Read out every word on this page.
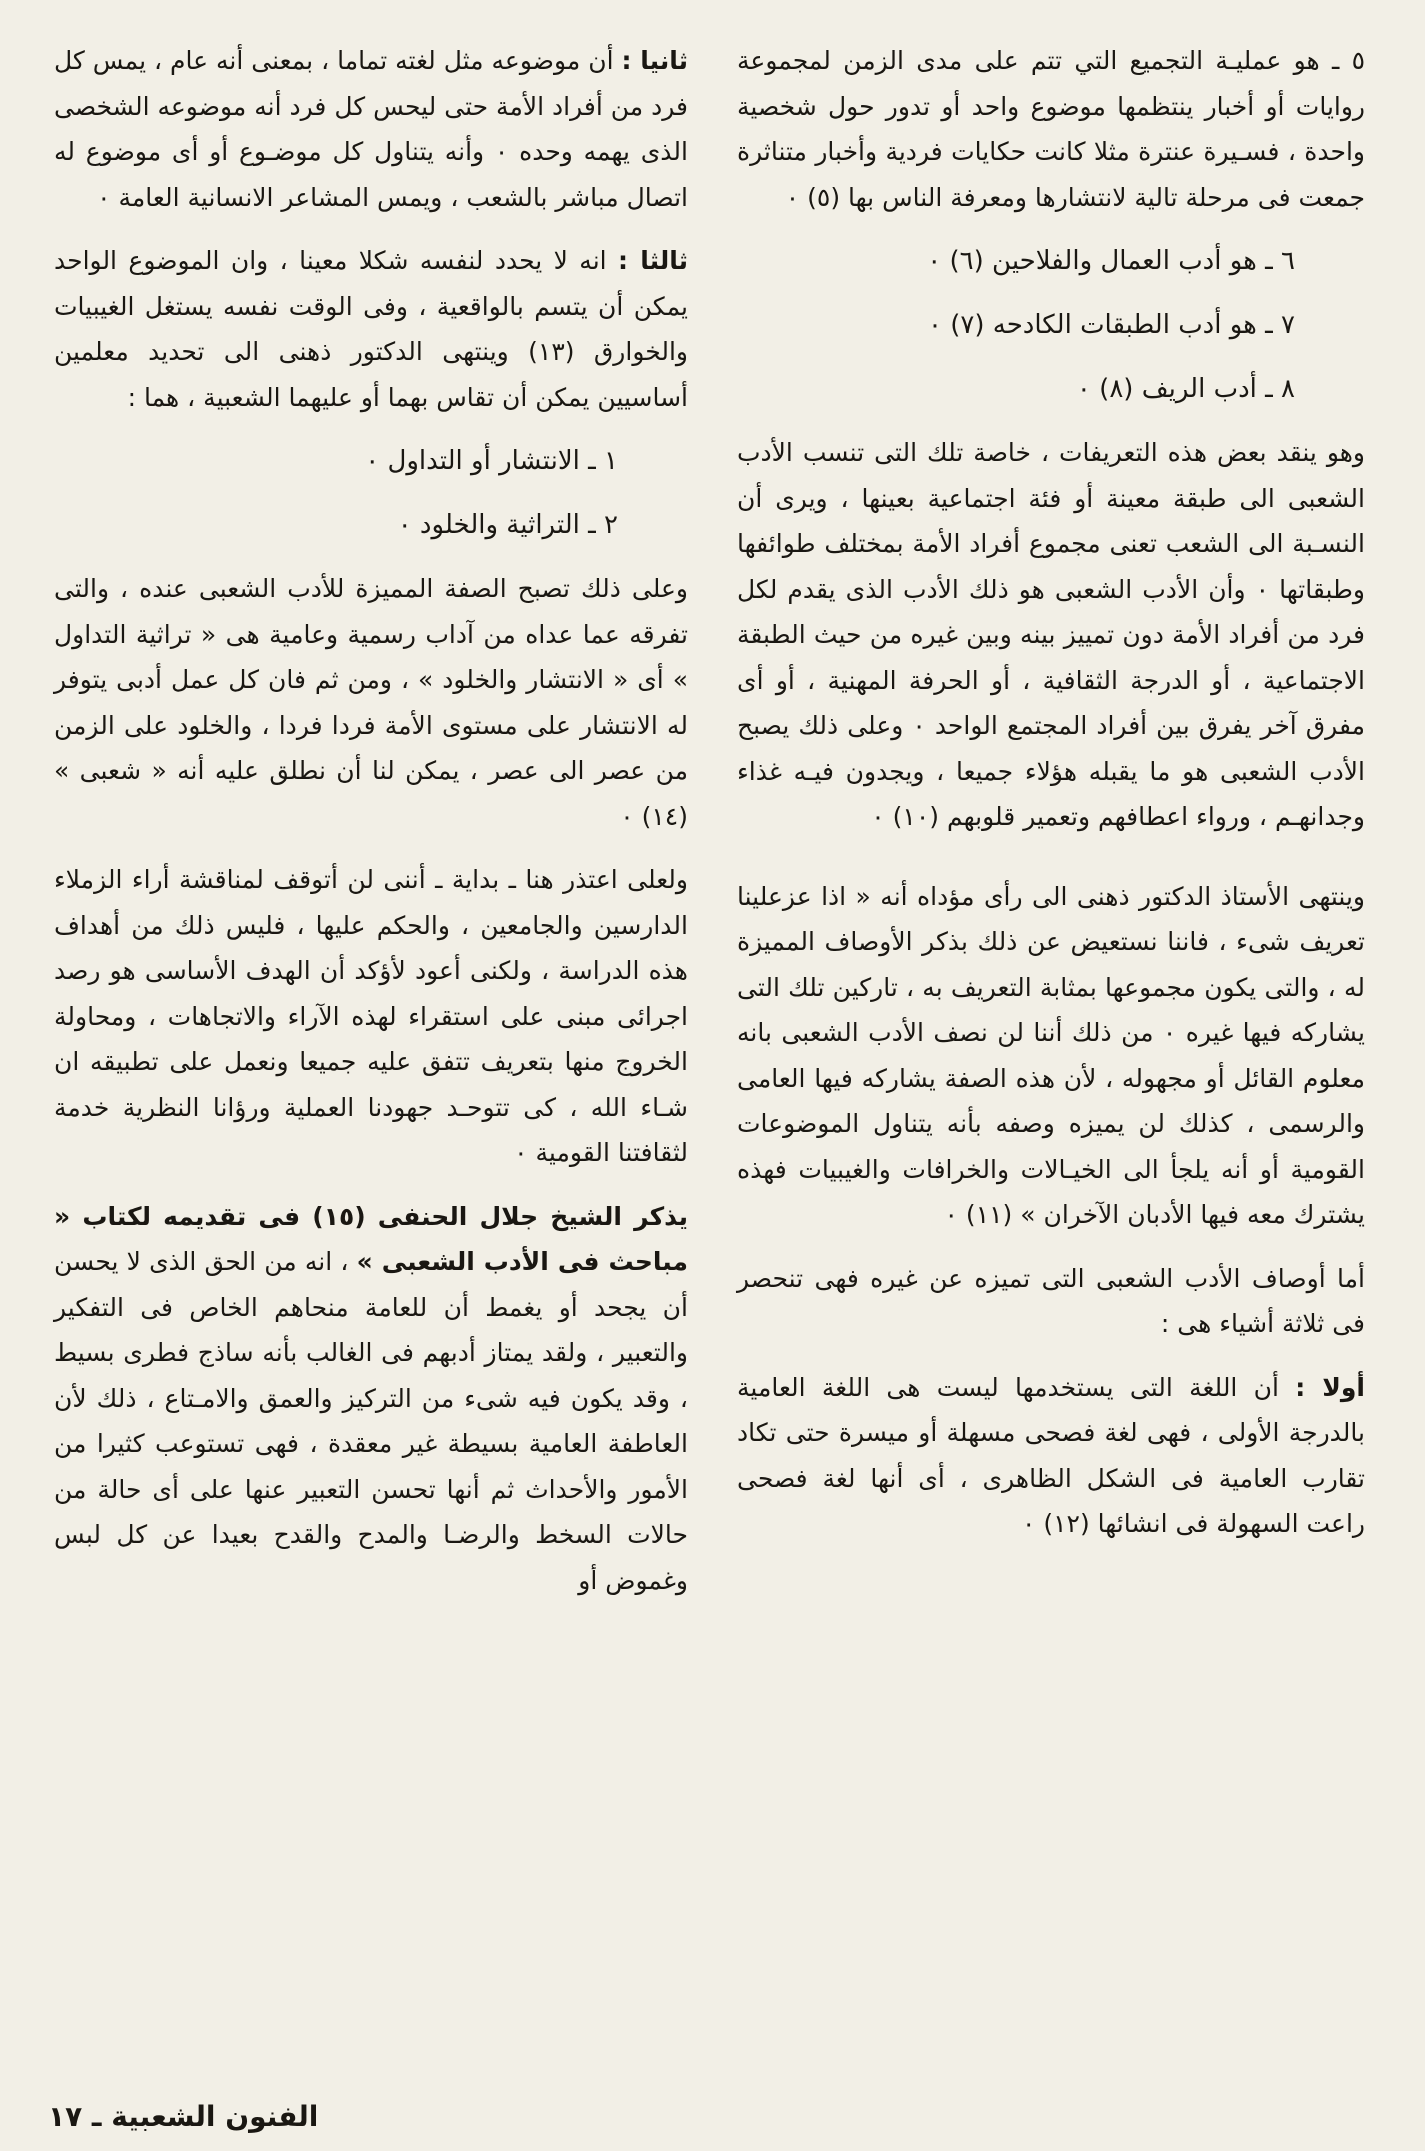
٥ ـ هو عمليـة التجميع التي تتم على مدى الزمن لمجموعة روايات أو أخبار ينتظمها موضوع واحد أو تدور حول شخصية واحدة ، فسـيرة عنترة مثلا كانت حكايات فردية وأخبار متناثرة جمعت فى مرحلة تالية لانتشارها ومعرفة الناس بها (٥) ٠

٦ ـ هو أدب العمال والفلاحين (٦) ٠

٧ ـ هو أدب الطبقات الكادحه (٧) ٠

٨ ـ أدب الريف (٨) ٠

وهو ينقد بعض هذه التعريفات ، خاصة تلك التى تنسب الأدب الشعبى الى طبقة معينة أو فئة اجتماعية بعينها ، ويرى أن النسـبة الى الشعب تعنى مجموع أفراد الأمة بمختلف طوائفها وطبقاتها ٠ وأن الأدب الشعبى هو ذلك الأدب الذى يقدم لكل فرد من أفراد الأمة دون تمييز بينه وبين غيره من حيث الطبقة الاجتماعية ، أو الدرجة الثقافية ، أو الحرفة المهنية ، أو أى مفرق آخر يفرق بين أفراد المجتمع الواحد ٠ وعلى ذلك يصبح الأدب الشعبى هو ما يقبله هؤلاء جميعا ، ويجدون فيـه غذاء وجدانهـم ، ورواء اعطافهم وتعمير قلوبهم (١٠) ٠

وينتهى الأستاذ الدكتور ذهنى الى رأى مؤداه أنه « اذا عزعلينا تعريف شىء ، فاننا نستعيض عن ذلك بذكر الأوصاف المميزة له ، والتى يكون مجموعها بمثابة التعريف به ، تاركين تلك التى يشاركه فيها غيره ٠ من ذلك أننا لن نصف الأدب الشعبى بانه معلوم القائل أو مجهوله ، لأن هذه الصفة يشاركه فيها العامى والرسمى ، كذلك لن يميزه وصفه بأنه يتناول الموضوعات القومية أو أنه يلجأ الى الخيـالات والخرافات والغيبيات فهذه يشترك معه فيها الأدبان الآخران » (١١) ٠

أما أوصاف الأدب الشعبى التى تميزه عن غيره فهى تنحصر فى ثلاثة أشياء هى :

أولا : أن اللغة التى يستخدمها ليست هى اللغة العامية بالدرجة الأولى ، فهى لغة فصحى مسهلة أو ميسرة حتى تكاد تقارب العامية فى الشكل الظاهرى ، أى أنها لغة فصحى راعت السهولة فى انشائها (١٢) ٠

ثانيا : أن موضوعه مثل لغته تماما ، بمعنى أنه عام ، يمس كل فرد من أفراد الأمة حتى ليحس كل فرد أنه موضوعه الشخصى الذى يهمه وحده ٠ وأنه يتناول كل موضـوع أو أى موضوع له اتصال مباشر بالشعب ، ويمس المشاعر الانسانية العامة ٠

ثالثا : انه لا يحدد لنفسه شكلا معينا ، وان الموضوع الواحد يمكن أن يتسم بالواقعية ، وفى الوقت نفسه يستغل الغيبيات والخوارق (١٣) وينتهى الدكتور ذهنى الى تحديد معلمين أساسيين يمكن أن تقاس بهما أو عليهما الشعبية ، هما :

١ ـ الانتشار أو التداول ٠

٢ ـ التراثية والخلود ٠

وعلى ذلك تصبح الصفة المميزة للأدب الشعبى عنده ، والتى تفرقه عما عداه من آداب رسمية وعامية هى « تراثية التداول » أى « الانتشار والخلود » ، ومن ثم فان كل عمل أدبى يتوفر له الانتشار على مستوى الأمة فردا فردا ، والخلود على الزمن من عصر الى عصر ، يمكن لنا أن نطلق عليه أنه « شعبى » (١٤) ٠

ولعلى اعتذر هنا ـ بداية ـ أننى لن أتوقف لمناقشة أراء الزملاء الدارسين والجامعين ، والحكم عليها ، فليس ذلك من أهداف هذه الدراسة ، ولكنى أعود لأؤكد أن الهدف الأساسى هو رصد اجرائى مبنى على استقراء لهذه الآراء والاتجاهات ، ومحاولة الخروج منها بتعريف تتفق عليه جميعا ونعمل على تطبيقه ان شـاء الله ، كى تتوحـد جهودنا العملية ورؤانا النظرية خدمة لثقافتنا القومية ٠

يذكر الشيخ جلال الحنفى (١٥) فى تقديمه لكتاب « مباحث فى الأدب الشعبى » ، انه من الحق الذى لا يحسن أن يجحد أو يغمط أن للعامة منحاهم الخاص فى التفكير والتعبير ، ولقد يمتاز أدبهم فى الغالب بأنه ساذج فطرى بسيط ، وقد يكون فيه شىء من التركيز والعمق والامـتاع ، ذلك لأن العاطفة العامية بسيطة غير معقدة ، فهى تستوعب كثيرا من الأمور والأحداث ثم أنها تحسن التعبير عنها على أى حالة من حالات السخط والرضـا والمدح والقدح بعيدا عن كل لبس وغموض أو

الفنون الشعبية ـ ١٧
